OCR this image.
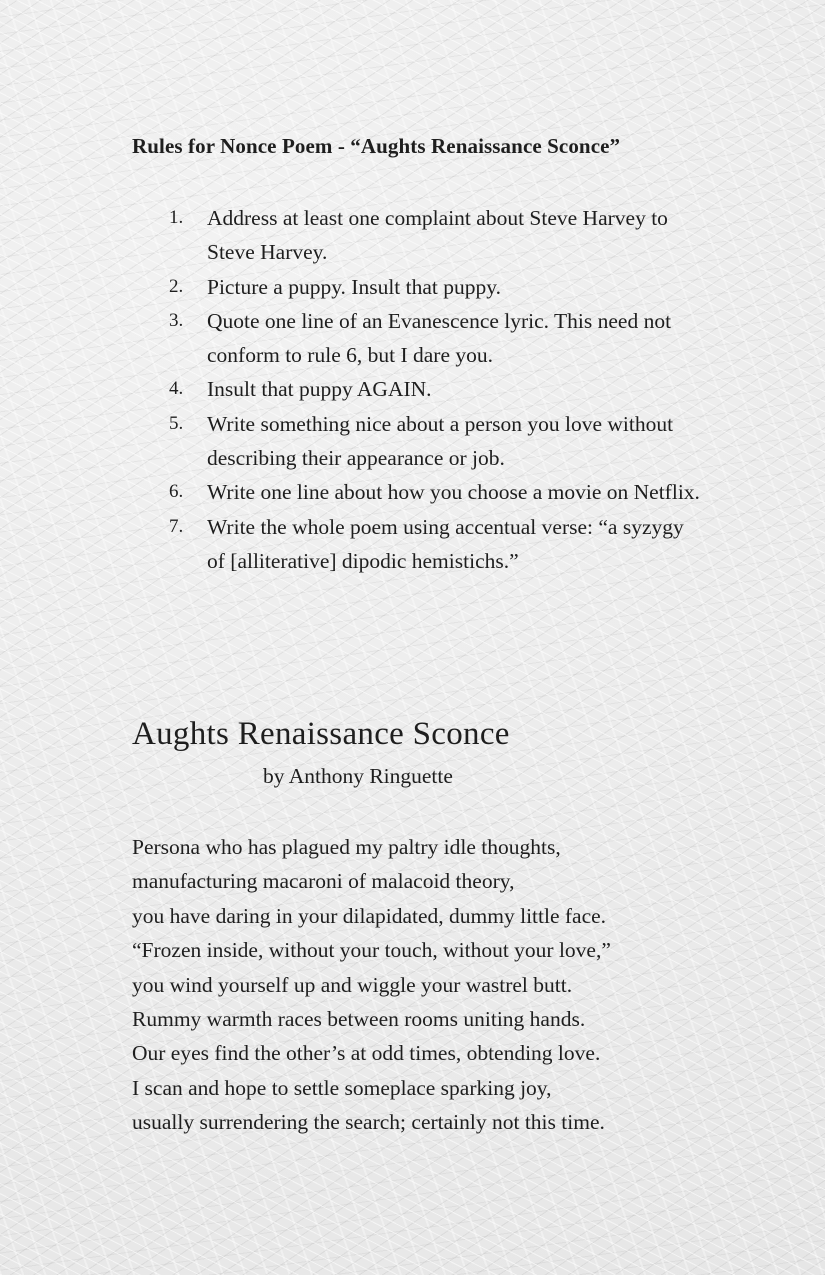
Rules for Nonce Poem - “Aughts Renaissance Sconce”
1. Address at least one complaint about Steve Harvey to Steve Harvey.
2. Picture a puppy. Insult that puppy.
3. Quote one line of an Evanescence lyric. This need not conform to rule 6, but I dare you.
4. Insult that puppy AGAIN.
5. Write something nice about a person you love without describing their appearance or job.
6. Write one line about how you choose a movie on Netflix.
7. Write the whole poem using accentual verse: “a syzygy of [alliterative] dipodic hemistichs.”
Aughts Renaissance Sconce

by Anthony Ringuette

Persona who has plagued my paltry idle thoughts,
manufacturing macaroni of malacoid theory,
you have daring in your dilapidated, dummy little face.
“Frozen inside, without your touch, without your love,”
you wind yourself up and wiggle your wastrel butt.
Rummy warmth races between rooms uniting hands.
Our eyes find the other’s at odd times, obtending love.
I scan and hope to settle someplace sparking joy,
usually surrendering the search; certainly not this time.
